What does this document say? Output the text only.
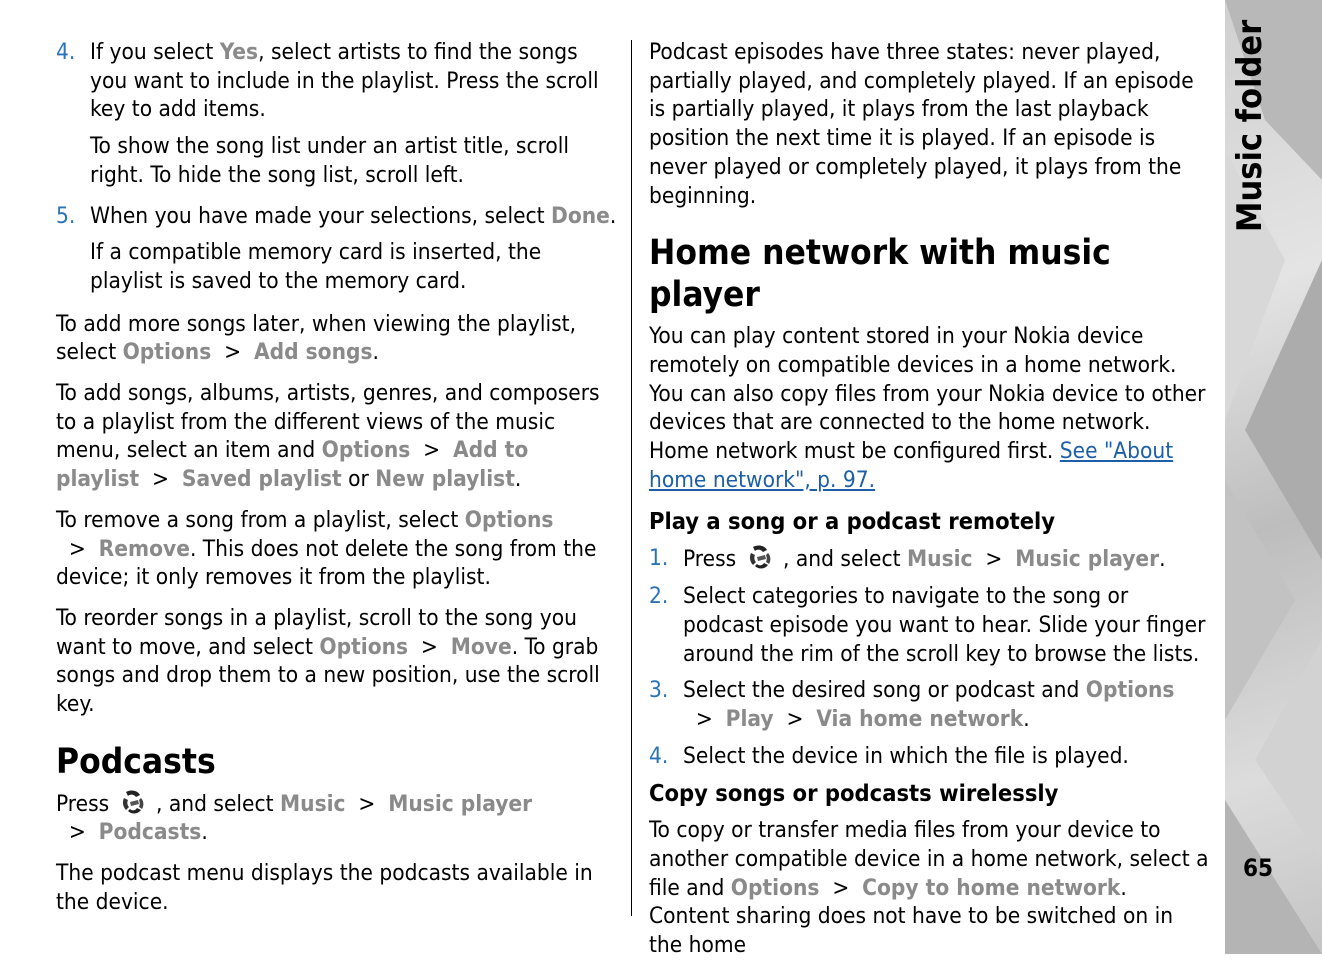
4. If you select Yes, select artists to find the songs you want to include in the playlist. Press the scroll key to add items.

To show the song list under an artist title, scroll right. To hide the song list, scroll left.

5. When you have made your selections, select Done.

If a compatible memory card is inserted, the playlist is saved to the memory card.

To add more songs later, when viewing the playlist, select Options  >  Add songs.

To add songs, albums, artists, genres, and composers to a playlist from the different views of the music menu, select an item and Options  >  Add to playlist  >  Saved playlist or New playlist.

To remove a song from a playlist, select Options  >  Remove. This does not delete the song from the device; it only removes it from the playlist.

To reorder songs in a playlist, scroll to the song you want to move, and select Options  >  Move. To grab songs and drop them to a new position, use the scroll key.

Podcasts

Press  , and select Music  >  Music player  >  Podcasts.

The podcast menu displays the podcasts available in the device.

Podcast episodes have three states: never played, partially played, and completely played. If an episode is partially played, it plays from the last playback position the next time it is played. If an episode is never played or completely played, it plays from the beginning.

Home network with music player

You can play content stored in your Nokia device remotely on compatible devices in a home network. You can also copy files from your Nokia device to other devices that are connected to the home network. Home network must be configured first. See "About home network", p. 97.

Play a song or a podcast remotely
1. Press  , and select Music  >  Music player.
2. Select categories to navigate to the song or podcast episode you want to hear. Slide your finger around the rim of the scroll key to browse the lists.
3. Select the desired song or podcast and Options  >  Play  >  Via home network.
4. Select the device in which the file is played.
Copy songs or podcasts wirelessly

To copy or transfer media files from your device to another compatible device in a home network, select a file and Options  >  Copy to home network. Content sharing does not have to be switched on in the home

Music folder
65
